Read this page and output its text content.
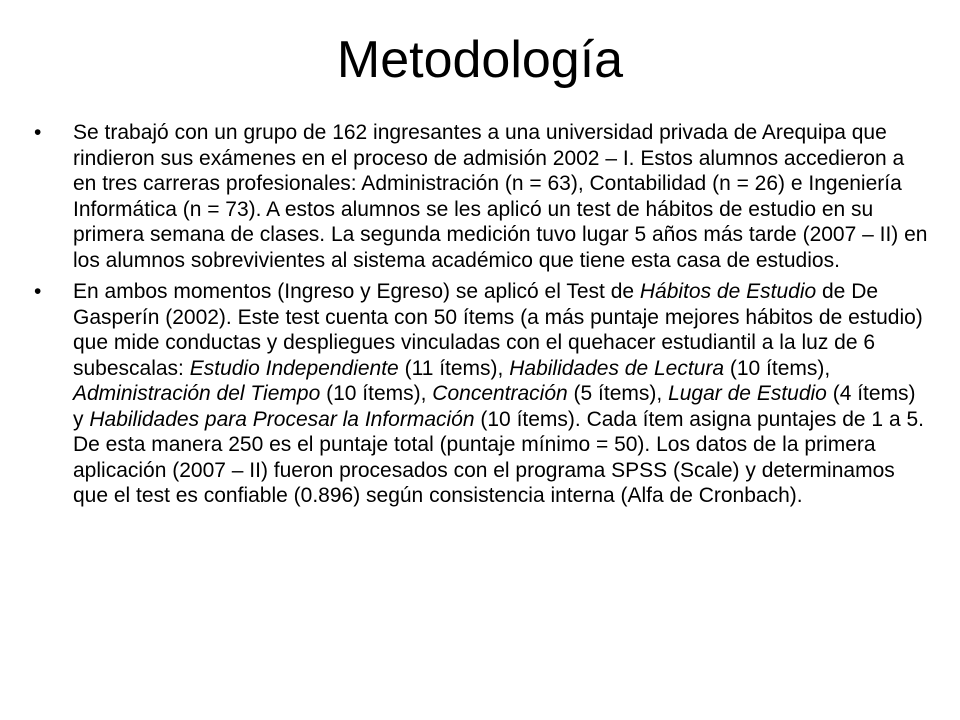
Metodología
• Se trabajó con un grupo de 162 ingresantes a una universidad privada de Arequipa que rindieron sus exámenes en el proceso de admisión 2002 – I. Estos alumnos accedieron a en tres carreras profesionales: Administración (n = 63), Contabilidad (n = 26) e Ingeniería Informática (n = 73). A estos alumnos se les aplicó un test de hábitos de estudio en su primera semana de clases. La segunda medición tuvo lugar 5 años más tarde (2007 – II) en los alumnos sobrevivientes al sistema académico que tiene esta casa de estudios.
• En ambos momentos (Ingreso y Egreso) se aplicó el Test de Hábitos de Estudio de De Gasperín (2002). Este test cuenta con 50 ítems (a más puntaje mejores hábitos de estudio) que mide conductas y despliegues vinculadas con el quehacer estudiantil a la luz de 6 subescalas: Estudio Independiente (11 ítems), Habilidades de Lectura (10 ítems), Administración del Tiempo (10 ítems), Concentración (5 ítems), Lugar de Estudio (4 ítems) y Habilidades para Procesar la Información (10 ítems). Cada ítem asigna puntajes de 1 a 5. De esta manera 250 es el puntaje total (puntaje mínimo = 50). Los datos de la primera aplicación (2007 – II) fueron procesados con el programa SPSS (Scale) y determinamos que el test es confiable (0.896) según consistencia interna (Alfa de Cronbach).
